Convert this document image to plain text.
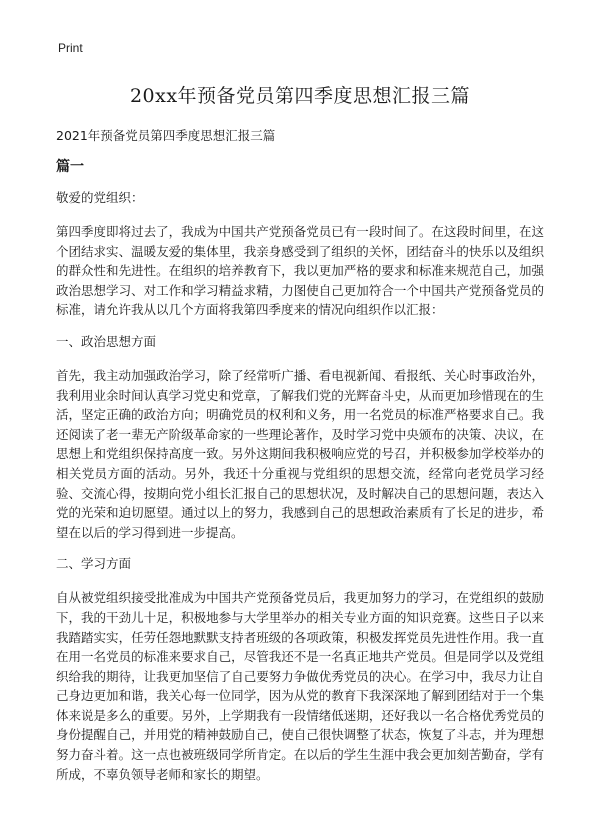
Print
20xx年预备党员第四季度思想汇报三篇
2021年预备党员第四季度思想汇报三篇
篇一
敬爱的党组织：

第四季度即将过去了，我成为中国共产党预备党员已有一段时间了。在这段时间里，在这个团结求实、温暖友爱的集体里，我亲身感受到了组织的关怀，团结奋斗的快乐以及组织的群众性和先进性。在组织的培养教育下，我以更加严格的要求和标准来规范自己，加强政治思想学习、对工作和学习精益求精，力图使自己更加符合一个中国共产党预备党员的标准，请允许我从以几个方面将我第四季度来的情况向组织作以汇报：

一、政治思想方面

首先，我主动加强政治学习，除了经常听广播、看电视新闻、看报纸、关心时事政治外，我利用业余时间认真学习党史和党章，了解我们党的光辉奋斗史，从而更加珍惜现在的生活，坚定正确的政治方向；明确党员的权利和义务，用一名党员的标准严格要求自己。我还阅读了老一辈无产阶级革命家的一些理论著作，及时学习党中央颁布的决策、决议，在思想上和党组织保持高度一致。另外这期间我积极响应党的号召，并积极参加学校举办的相关党员方面的活动。另外，我还十分重视与党组织的思想交流，经常向老党员学习经验、交流心得，按期向党小组长汇报自己的思想状况，及时解决自己的思想问题，表达入党的光荣和迫切愿望。通过以上的努力，我感到自己的思想政治素质有了长足的进步，希望在以后的学习得到进一步提高。

二、学习方面

自从被党组织接受批准成为中国共产党预备党员后，我更加努力的学习，在党组织的鼓励下，我的干劲儿十足，积极地参与大学里举办的相关专业方面的知识竞赛。这些日子以来我踏踏实实，任劳任怨地默默支持者班级的各项政策，积极发挥党员先进性作用。我一直在用一名党员的标准来要求自己，尽管我还不是一名真正地共产党员。但是同学以及党组织给我的期待，让我更加坚信了自己要努力争做优秀党员的决心。在学习中，我尽力让自己身边更加和谐，我关心每一位同学，因为从党的教育下我深深地了解到团结对于一个集体来说是多么的重要。另外，上学期我有一段情绪低迷期，还好我以一名合格优秀党员的身份提醒自己，并用党的精神鼓励自己，使自己很快调整了状态，恢复了斗志，并为理想努力奋斗着。这一点也被班级同学所肯定。在以后的学生生涯中我会更加刻苦勤奋，学有所成，不辜负领导老师和家长的期望。
